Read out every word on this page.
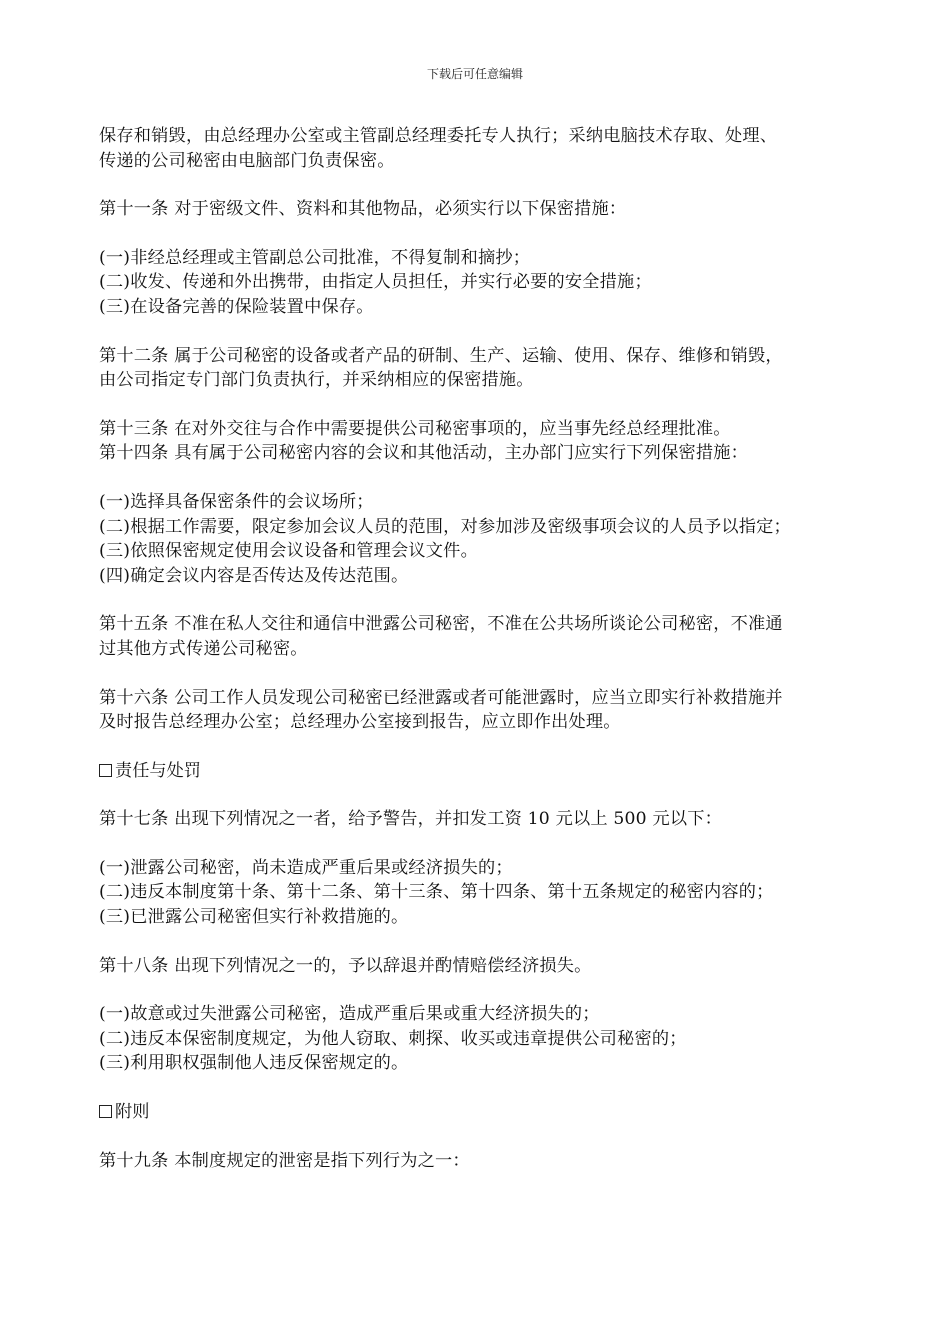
下载后可任意编辑

保存和销毁，由总经理办公室或主管副总经理委托专人执行；采纳电脑技术存取、处理、
传递的公司秘密由电脑部门负责保密。

第十一条 对于密级文件、资料和其他物品，必须实行以下保密措施：

(一)非经总经理或主管副总公司批准，不得复制和摘抄；
(二)收发、传递和外出携带，由指定人员担任，并实行必要的安全措施；
(三)在设备完善的保险装置中保存。

第十二条 属于公司秘密的设备或者产品的研制、生产、运输、使用、保存、维修和销毁，
由公司指定专门部门负责执行，并采纳相应的保密措施。

第十三条 在对外交往与合作中需要提供公司秘密事项的，应当事先经总经理批准。
第十四条 具有属于公司秘密内容的会议和其他活动，主办部门应实行下列保密措施：

(一)选择具备保密条件的会议场所；
(二)根据工作需要，限定参加会议人员的范围，对参加涉及密级事项会议的人员予以指定；
(三)依照保密规定使用会议设备和管理会议文件。
(四)确定会议内容是否传达及传达范围。

第十五条 不准在私人交往和通信中泄露公司秘密，不准在公共场所谈论公司秘密，不准通
过其他方式传递公司秘密。

第十六条 公司工作人员发现公司秘密已经泄露或者可能泄露时，应当立即实行补救措施并
及时报告总经理办公室；总经理办公室接到报告，应立即作出处理。

责任与处罚

第十七条 出现下列情况之一者，给予警告，并扣发工资 10 元以上 500 元以下：

(一)泄露公司秘密，尚未造成严重后果或经济损失的；
(二)违反本制度第十条、第十二条、第十三条、第十四条、第十五条规定的秘密内容的；
(三)已泄露公司秘密但实行补救措施的。

第十八条 出现下列情况之一的，予以辞退并酌情赔偿经济损失。

(一)故意或过失泄露公司秘密，造成严重后果或重大经济损失的；
(二)违反本保密制度规定，为他人窃取、刺探、收买或违章提供公司秘密的；
(三)利用职权强制他人违反保密规定的。

附则

第十九条 本制度规定的泄密是指下列行为之一：
